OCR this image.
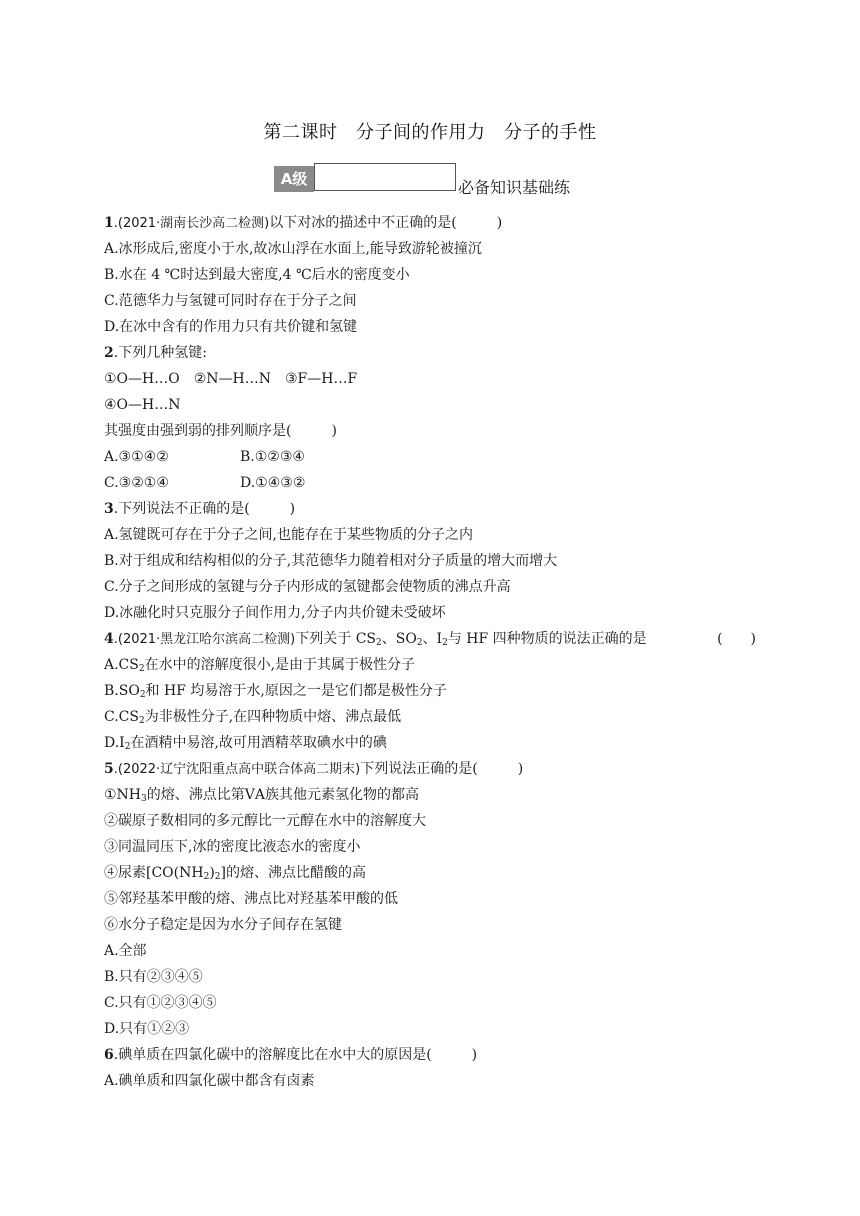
第二课时　分子间的作用力　分子的手性
A级	必备知识基础练
1.(2021·湖南长沙高二检测)以下对冰的描述中不正确的是(	)
A.冰形成后,密度小于水,故冰山浮在水面上,能导致游轮被撞沉
B.水在 4 ℃时达到最大密度,4 ℃后水的密度变小
C.范德华力与氢键可同时存在于分子之间
D.在冰中含有的作用力只有共价键和氢键
2.下列几种氢键:
①O—H…O　②N—H…N　③F—H…F
④O—H…N
其强度由强到弱的排列顺序是(	)
A.③①④②	B.①②③④
C.③②①④	D.①④③②
3.下列说法不正确的是(	)
A.氢键既可存在于分子之间,也能存在于某些物质的分子之内
B.对于组成和结构相似的分子,其范德华力随着相对分子质量的增大而增大
C.分子之间形成的氢键与分子内形成的氢键都会使物质的沸点升高
D.冰融化时只克服分子间作用力,分子内共价键未受破坏
4.(2021·黑龙江哈尔滨高二检测)下列关于 $CS_2$、$SO_2$、$I_2$与 HF 四种物质的说法正确的是	(　　)
$A.CS_2$在水中的溶解度很小,是由于其属于极性分子
$B.SO_2$和 HF 均易溶于水,原因之一是它们都是极性分子
$C.CS_2$为非极性分子,在四种物质中熔、沸点最低
$D.I_2$在酒精中易溶,故可用酒精萃取碘水中的碘
5.(2022·辽宁沈阳重点高中联合体高二期末)下列说法正确的是(	)
$①NH_3$的熔、沸点比第ⅤA族其他元素氢化物的都高
②碳原子数相同的多元醇比一元醇在水中的溶解度大
③同温同压下,冰的密度比液态水的密度小
④尿素$[CO(NH_2)_2]$的熔、沸点比醋酸的高
⑤邻羟基苯甲酸的熔、沸点比对羟基苯甲酸的低
⑥水分子稳定是因为水分子间存在氢键
A.全部
B.只有②③④⑤
C.只有①②③④⑤
D.只有①②③
6.碘单质在四氯化碳中的溶解度比在水中大的原因是(	)
A.碘单质和四氯化碳中都含有卤素
